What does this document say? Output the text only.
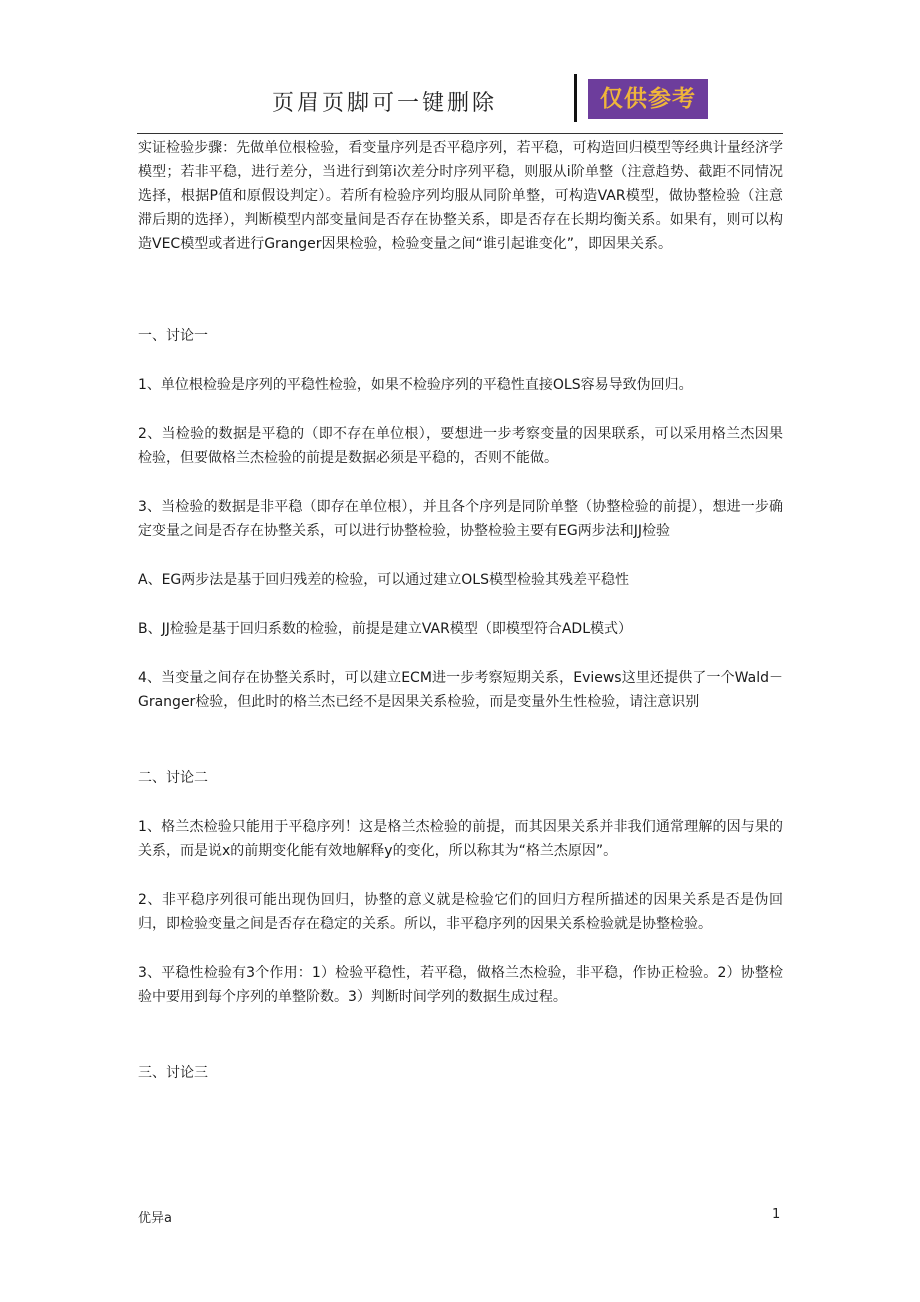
页眉页脚可一键删除	仅供参考

实证检验步骤：先做单位根检验，看变量序列是否平稳序列，若平稳，可构造回归模型等经典计量经济学模型；若非平稳，进行差分，当进行到第i次差分时序列平稳，则服从i阶单整（注意趋势、截距不同情况选择，根据P值和原假设判定）。若所有检验序列均服从同阶单整，可构造VAR模型，做协整检验（注意滞后期的选择），判断模型内部变量间是否存在协整关系，即是否存在长期均衡关系。如果有，则可以构造VEC模型或者进行Granger因果检验，检验变量之间“谁引起谁变化”，即因果关系。

一、讨论一

1、单位根检验是序列的平稳性检验，如果不检验序列的平稳性直接OLS容易导致伪回归。

2、当检验的数据是平稳的（即不存在单位根），要想进一步考察变量的因果联系，可以采用格兰杰因果检验，但要做格兰杰检验的前提是数据必须是平稳的，否则不能做。

3、当检验的数据是非平稳（即存在单位根），并且各个序列是同阶单整（协整检验的前提），想进一步确定变量之间是否存在协整关系，可以进行协整检验，协整检验主要有EG两步法和JJ检验

A、EG两步法是基于回归残差的检验，可以通过建立OLS模型检验其残差平稳性

B、JJ检验是基于回归系数的检验，前提是建立VAR模型（即模型符合ADL模式）

4、当变量之间存在协整关系时，可以建立ECM进一步考察短期关系，Eviews这里还提供了一个Wald－Granger检验，但此时的格兰杰已经不是因果关系检验，而是变量外生性检验，请注意识别

二、讨论二

1、格兰杰检验只能用于平稳序列！这是格兰杰检验的前提，而其因果关系并非我们通常理解的因与果的关系，而是说x的前期变化能有效地解释y的变化，所以称其为“格兰杰原因”。

2、非平稳序列很可能出现伪回归，协整的意义就是检验它们的回归方程所描述的因果关系是否是伪回归，即检验变量之间是否存在稳定的关系。所以，非平稳序列的因果关系检验就是协整检验。

3、平稳性检验有3个作用：1）检验平稳性，若平稳，做格兰杰检验，非平稳，作协正检验。2）协整检验中要用到每个序列的单整阶数。3）判断时间学列的数据生成过程。

三、讨论三

优异a	1
